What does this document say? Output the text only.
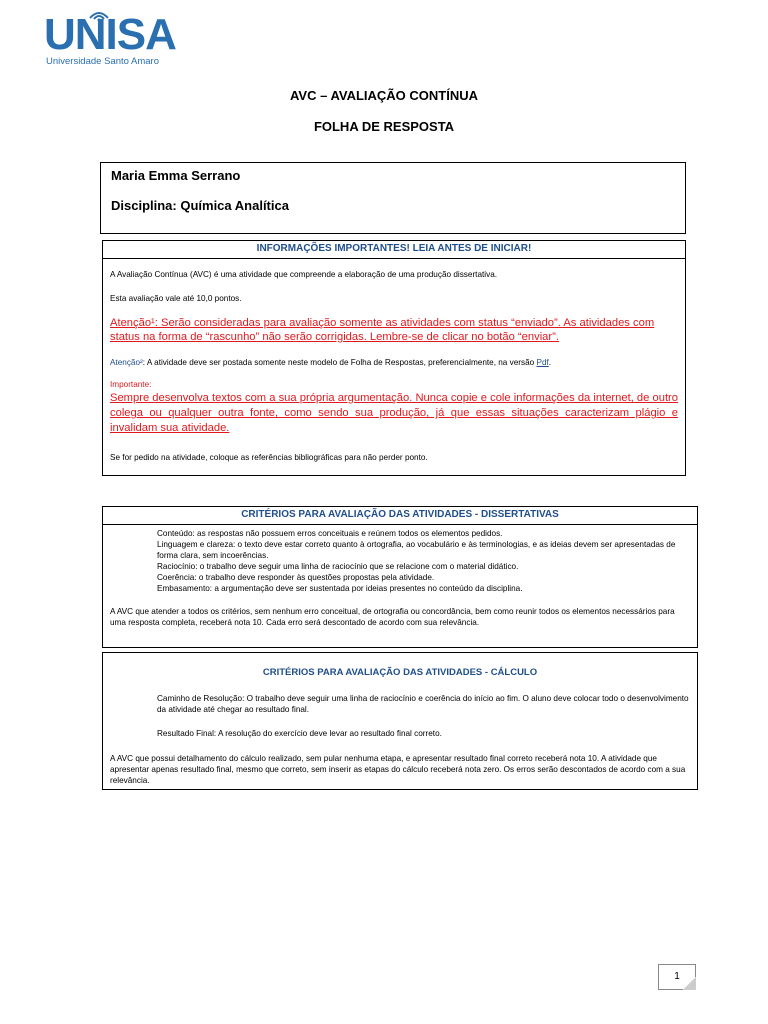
UNISA
Universidade Santo Amaro
AVC – AVALIAÇÃO CONTÍNUA
FOLHA DE RESPOSTA
Maria Emma Serrano
Disciplina: Química Analítica
INFORMAÇÕES IMPORTANTES! LEIA ANTES DE INICIAR!
A Avaliação Contínua (AVC) é uma atividade que compreende a elaboração de uma produção dissertativa.
Esta avaliação vale até 10,0 pontos.
Atenção¹: Serão consideradas para avaliação somente as atividades com status “enviado”. As atividades com status na forma de “rascunho” não serão corrigidas. Lembre-se de clicar no botão “enviar”.
Atenção²: A atividade deve ser postada somente neste modelo de Folha de Respostas, preferencialmente, na versão Pdf.
Importante:
Sempre desenvolva textos com a sua própria argumentação. Nunca copie e cole informações da internet, de outro colega ou qualquer outra fonte, como sendo sua produção, já que essas situações caracterizam plágio e invalidam sua atividade.
Se for pedido na atividade, coloque as referências bibliográficas para não perder ponto.
CRITÉRIOS PARA AVALIAÇÃO DAS ATIVIDADES - DISSERTATIVAS
Conteúdo: as respostas não possuem erros conceituais e reúnem todos os elementos pedidos.
Linguagem e clareza: o texto deve estar correto quanto à ortografia, ao vocabulário e às terminologias, e as ideias devem ser apresentadas de forma clara, sem incoerências.
Raciocínio: o trabalho deve seguir uma linha de raciocínio que se relacione com o material didático.
Coerência: o trabalho deve responder às questões propostas pela atividade.
Embasamento: a argumentação deve ser sustentada por ideias presentes no conteúdo da disciplina.
A AVC que atender a todos os critérios, sem nenhum erro conceitual, de ortografia ou concordância, bem como reunir todos os elementos necessários para uma resposta completa, receberá nota 10. Cada erro será descontado de acordo com sua relevância.
CRITÉRIOS PARA AVALIAÇÃO DAS ATIVIDADES - CÁLCULO
Caminho de Resolução: O trabalho deve seguir uma linha de raciocínio e coerência do início ao fim. O aluno deve colocar todo o desenvolvimento da atividade até chegar ao resultado final.
Resultado Final: A resolução do exercício deve levar ao resultado final correto.
A AVC que possui detalhamento do cálculo realizado, sem pular nenhuma etapa, e apresentar resultado final correto receberá nota 10. A atividade que apresentar apenas resultado final, mesmo que correto, sem inserir as etapas do cálculo receberá nota zero. Os erros serão descontados de acordo com a sua relevância.
1
